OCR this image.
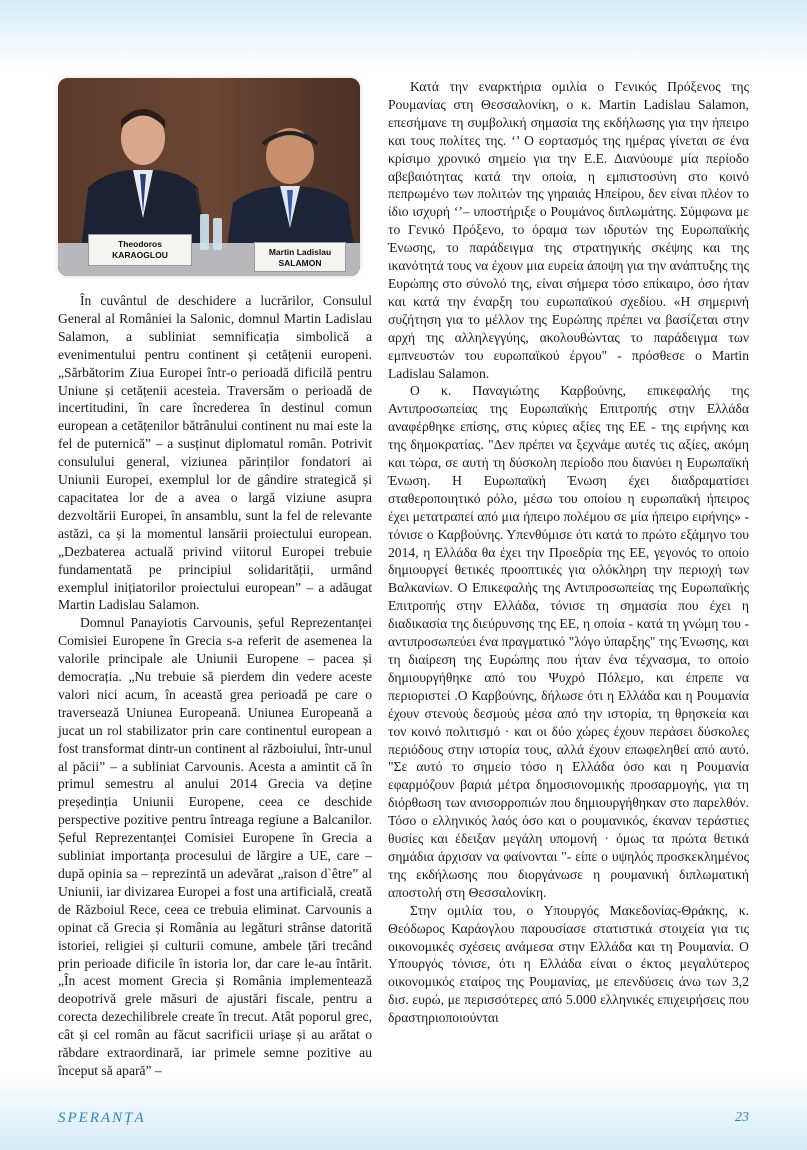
Theodoros
KARAOGLOU	Martin Ladislau
SALAMON

În cuvântul de deschidere a lucrărilor, Consulul General al României la Salonic, domnul Martin Ladislau Salamon, a subliniat semnificația simbolică a evenimentului pentru continent și cetățenii europeni. „Sărbătorim Ziua Europei într-o perioadă dificilă pentru Uniune și cetățenii acesteia. Traversăm o perioadă de incertitudini, în care încrederea în destinul comun european a cetățenilor bătrânului continent nu mai este la fel de puternică” – a susținut diplomatul român. Potrivit consulului general, viziunea părinților fondatori ai Uniunii Europei, exemplul lor de gândire strategică și capacitatea lor de a avea o largă viziune asupra dezvoltării Europei, în ansamblu, sunt la fel de relevante astăzi, ca și la momentul lansării proiectului european. „Dezbaterea actuală privind viitorul Europei trebuie fundamentată pe principiul solidarității, urmând exemplul inițiatorilor proiectului european” – a adăugat Martin Ladislau Salamon.

Domnul Panayiotis Carvounis, șeful Reprezentanței Comisiei Europene în Grecia s-a referit de asemenea la valorile principale ale Uniunii Europene – pacea și democrația. „Nu trebuie să pierdem din vedere aceste valori nici acum, în această grea perioadă pe care o traversează Uniunea Europeană. Uniunea Europeană a jucat un rol stabilizator prin care continentul european a fost transformat dintr-un continent al războiului, într-unul al păcii” – a subliniat Carvounis. Acesta a amintit că în primul semestru al anului 2014 Grecia va deține președinția Uniunii Europene, ceea ce deschide perspective pozitive pentru întreaga regiune a Balcanilor. Șeful Reprezentanței Comisiei Europene în Grecia a subliniat importanța procesului de lărgire a UE, care – după opinia sa – reprezintă un adevărat „raison d`être” al Uniunii, iar divizarea Europei a fost una artificială, creată de Războiul Rece, ceea ce trebuia eliminat. Carvounis a opinat că Grecia și România au legături strânse datorită istoriei, religiei și culturii comune, ambele țări trecând prin perioade dificile în istoria lor, dar care le-au întărit. „În acest moment Grecia și România implementează deopotrivă grele măsuri de ajustări fiscale, pentru a corecta dezechilibrele create în trecut. Atât poporul grec, cât și cel român au făcut sacrificii uriașe și au arătat o răbdare extraordinară, iar primele semne pozitive au început să apară” –

Κατά την εναρκτήρια ομιλία ο Γενικός Πρόξενος της Ρουμανίας στη Θεσσαλονίκη, ο κ. Martin Ladislau Salamon, επεσήμανε τη συμβολική σημασία της εκδήλωσης για την ήπειρο και τους πολίτες της. ‘’ Ο εορτασμός της ημέρας γίνεται σε ένα κρίσιμο χρονικό σημείο για την Ε.Ε. Διανύουμε μία περίοδο αβεβαιότητας κατά την οποία, η εμπιστοσύνη στο κοινό πεπρωμένο των πολιτών της γηραιάς Ηπείρου, δεν είναι πλέον το ίδιο ισχυρή ‘’– υποστήριξε ο Ρουμάνος διπλωμάτης. Σύμφωνα με το Γενικό Πρόξενο, το όραμα των ιδρυτών της Ευρωπαϊκής Ένωσης, το παράδειγμα της στρατηγικής σκέψης και της ικανότητά τους να έχουν μια ευρεία άποψη για την ανάπτυξης της Ευρώπης στο σύνολό της, είναι σήμερα τόσο επίκαιρο, όσο ήταν και κατά την έναρξη του ευρωπαϊκού σχεδίου. «Η σημερινή συζήτηση για το μέλλον της Ευρώπης πρέπει να βασίζεται στην αρχή της αλληλεγγύης, ακολουθώντας το παράδειγμα των εμπνευστών του ευρωπαϊκού έργου" - πρόσθεσε ο Martin Ladislau Salamon.

Ο κ. Παναγιώτης Καρβούνης, επικεφαλής της Αντιπροσωπείας της Ευρωπαϊκής Επιτροπής στην Ελλάδα αναφέρθηκε επίσης, στις κύριες αξίες της ΕΕ - της ειρήνης και της δημοκρατίας. "Δεν πρέπει να ξεχνάμε αυτές τις αξίες, ακόμη και τώρα, σε αυτή τη δύσκολη περίοδο που διανύει η Ευρωπαϊκή Ένωση. Η Ευρωπαϊκή Ένωση έχει διαδραματίσει σταθεροποιητικό ρόλο, μέσω του οποίου η ευρωπαϊκή ήπειρος έχει μετατραπεί από μια ήπειρο πολέμου σε μία ήπειρο ειρήνης» - τόνισε ο Καρβούνης. Υπενθύμισε ότι κατά το πρώτο εξάμηνο του 2014, η Ελλάδα θα έχει την Προεδρία της ΕΕ, γεγονός το οποίο δημιουργεί θετικές προοπτικές για ολόκληρη την περιοχή των Βαλκανίων. Ο Επικεφαλής της Αντιπροσωπείας της Ευρωπαϊκής Επιτροπής στην Ελλάδα, τόνισε τη σημασία που έχει η διαδικασία της διεύρυνσης της ΕΕ, η οποία - κατά τη γνώμη του - αντιπροσωπεύει ένα πραγματικό "λόγο ύπαρξης" της Ένωσης, και τη διαίρεση της Ευρώπης που ήταν ένα τέχνασμα, το οποίο δημιουργήθηκε από του Ψυχρό Πόλεμο, και έπρεπε να περιοριστεί .Ο Καρβούνης, δήλωσε ότι η Ελλάδα και η Ρουμανία έχουν στενούς δεσμούς μέσα από την ιστορία, τη θρησκεία και τον κοινό πολιτισμό · και οι δύο χώρες έχουν περάσει δύσκολες περιόδους στην ιστορία τους, αλλά έχουν επωφεληθεί από αυτό. "Σε αυτό το σημείο τόσο η Ελλάδα όσο και η Ρουμανία εφαρμόζουν βαριά μέτρα δημοσιονομικής προσαρμογής, για τη διόρθωση των ανισορροπιών που δημιουργήθηκαν στο παρελθόν. Τόσο ο ελληνικός λαός όσο και ο ρουμανικός, έκαναν τεράστιες θυσίες και έδειξαν μεγάλη υπομονή · όμως τα πρώτα θετικά σημάδια άρχισαν να φαίνονται "- είπε ο υψηλός προσκεκλημένος της εκδήλωσης που διοργάνωσε η ρουμανική διπλωματική αποστολή στη Θεσσαλονίκη.

Στην ομιλία του, ο Υπουργός Μακεδονίας-Θράκης, κ. Θεόδωρος Καράογλου παρουσίασε στατιστικά στοιχεία για τις οικονομικές σχέσεις ανάμεσα στην Ελλάδα και τη Ρουμανία. Ο Υπουργός τόνισε, ότι η Ελλάδα είναι ο έκτος μεγαλύτερος οικονομικός εταίρος της Ρουμανίας, με επενδύσεις άνω των 3,2 δισ. ευρώ, με περισσότερες από 5.000 ελληνικές επιχειρήσεις που δραστηριοποιούνται

SPERANȚA	23
